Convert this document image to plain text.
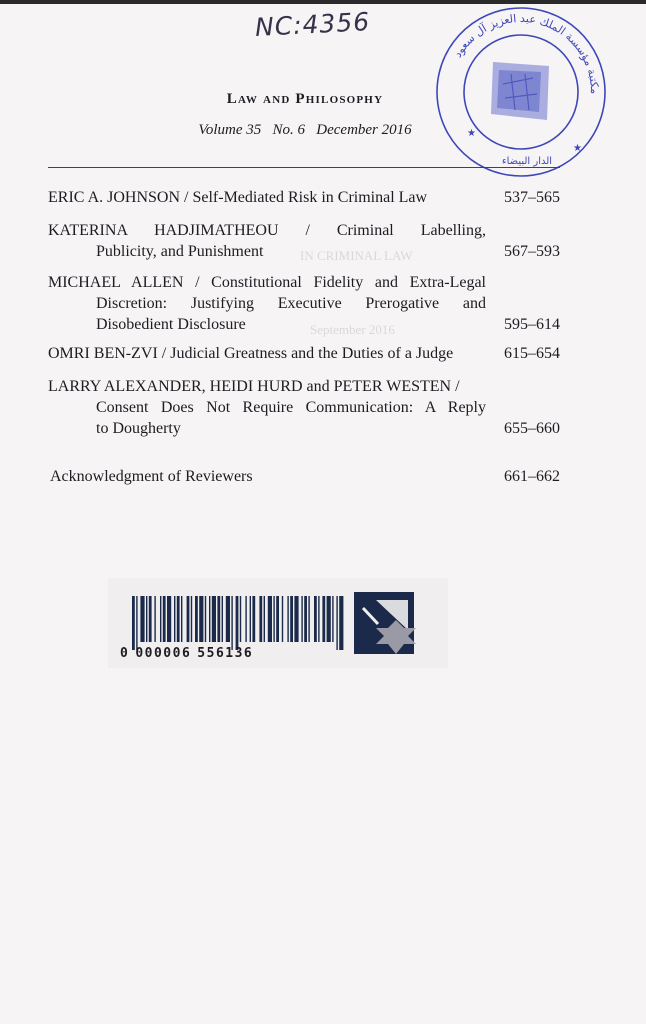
IN CRIMINAL LAW
September 2016
NC:4356
مكتبة مؤسسة الملك عبد العزيز آل سعود
الدار البيضاء
★
★
Law and Philosophy
Volume 35 No. 6 December 2016
ERIC A. JOHNSON / Self-Mediated Risk in Criminal Law	537–565
KATERINA HADJIMATHEOU / Criminal Labelling,
Publicity, and Punishment	567–593
MICHAEL ALLEN / Constitutional Fidelity and Extra-Legal
Discretion: Justifying Executive Prerogative and
Disobedient Disclosure	595–614
OMRI BEN-ZVI / Judicial Greatness and the Duties of a Judge	615–654
LARRY ALEXANDER, HEIDI HURD and PETER WESTEN /
Consent Does Not Require Communication: A Reply
to Dougherty	655–660
Acknowledgment of Reviewers	661–662
0 000006 556136
